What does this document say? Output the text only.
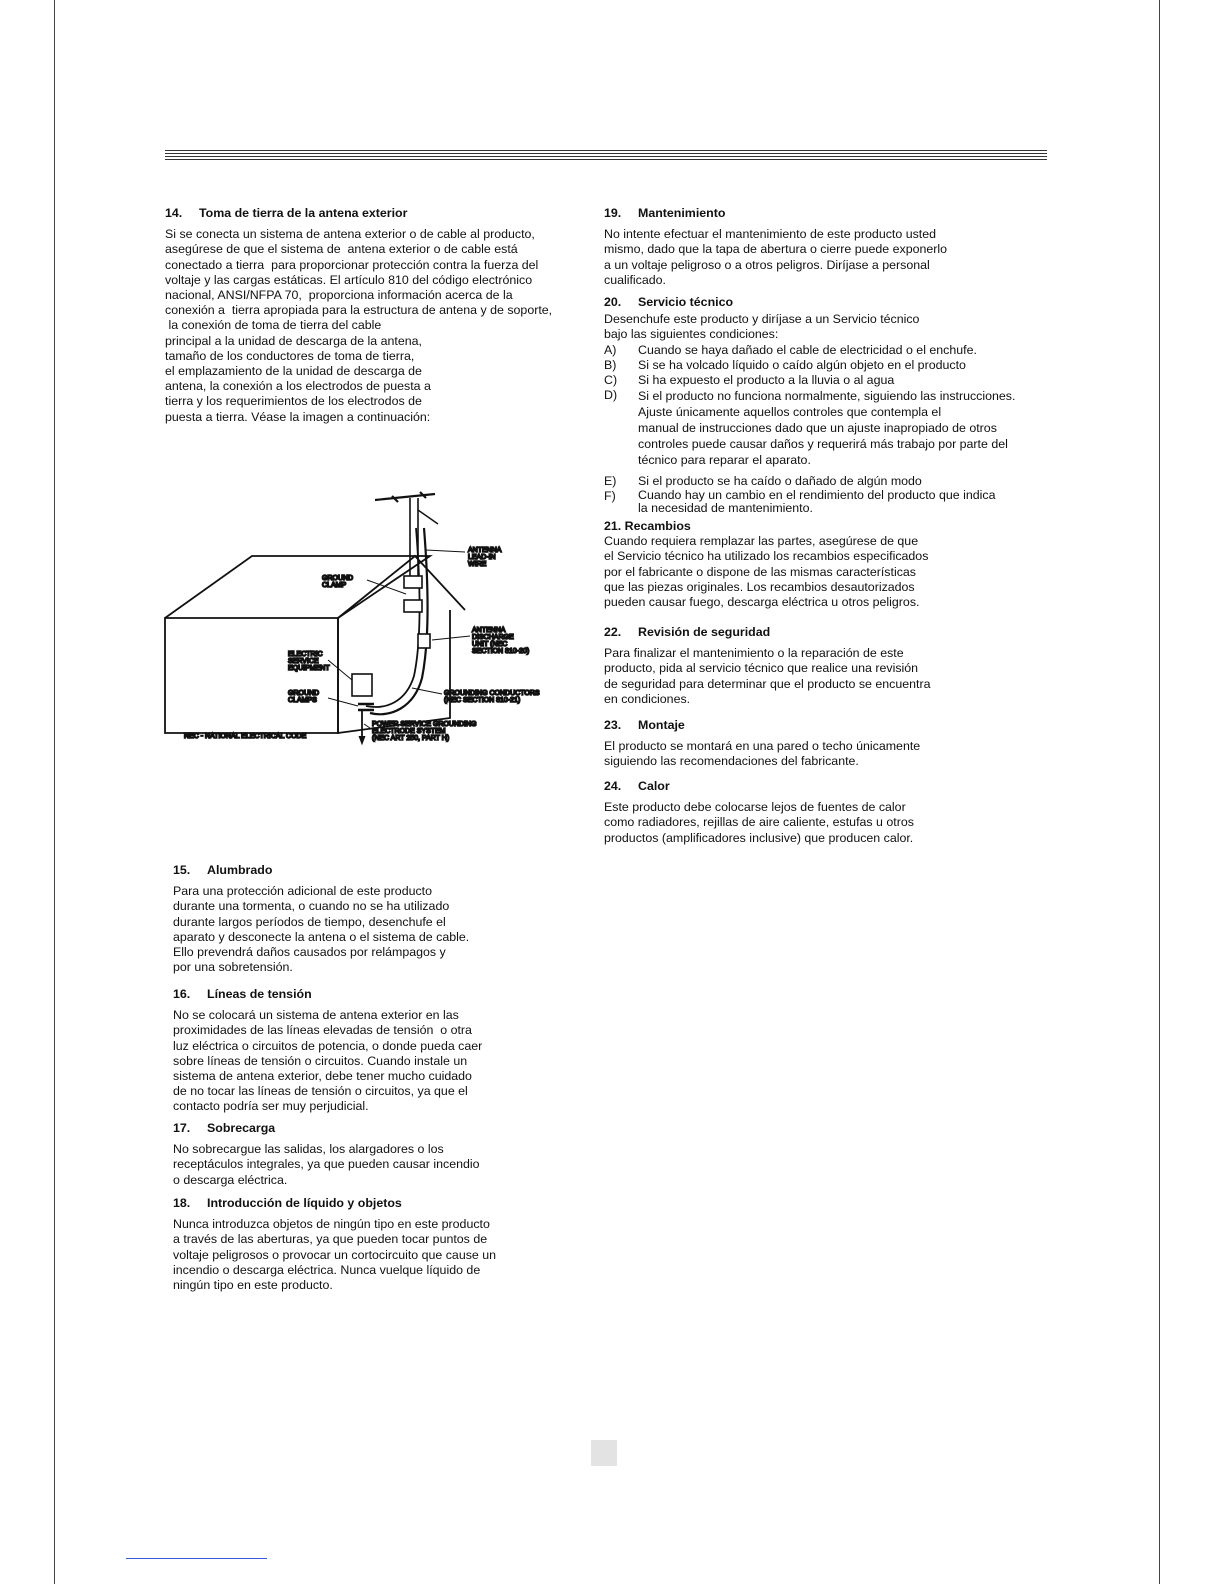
14. Toma de tierra de la antena exterior
Si se conecta un sistema de antena exterior o de cable al producto,
asegúrese de que el sistema de  antena exterior o de cable está
conectado a tierra  para proporcionar protección contra la fuerza del
voltaje y las cargas estáticas. El artículo 810 del código electrónico
nacional, ANSI/NFPA 70,  proporciona información acerca de la
conexión a  tierra apropiada para la estructura de antena y de soporte,
la conexión de toma de tierra del cable
principal a la unidad de descarga de la antena,
tamaño de los conductores de toma de tierra,
el emplazamiento de la unidad de descarga de
antena, la conexión a los electrodos de puesta a
tierra y los requerimientos de los electrodos de
puesta a tierra. Véase la imagen a continuación:
ANTENNA
LEAD-IN
WIRE
GROUND
CLAMP
ANTENNA
DISCHARGE
UNIT (NEC
SECTION 810-20)
ELECTRIC
SERVICE
EQUIPMENT
GROUND
CLAMPS
GROUNDING CONDUCTORS
(NEC SECTION 810-21)
POWER SERVICE GROUNDING
ELECTRODE SYSTEM
(NEC ART 250, PART H)
NEC - NATIONAL ELECTRICAL CODE
15. Alumbrado
Para una protección adicional de este producto
durante una tormenta, o cuando no se ha utilizado
durante largos períodos de tiempo, desenchufe el
aparato y desconecte la antena o el sistema de cable.
Ello prevendrá daños causados por relámpagos y
por una sobretensión.
16. Líneas de tensión
No se colocará un sistema de antena exterior en las
proximidades de las líneas elevadas de tensión  o otra
luz eléctrica o circuitos de potencia, o donde pueda caer
sobre líneas de tensión o circuitos. Cuando instale un
sistema de antena exterior, debe tener mucho cuidado
de no tocar las líneas de tensión o circuitos, ya que el
contacto podría ser muy perjudicial.
17. Sobrecarga
No sobrecargue las salidas, los alargadores o los
receptáculos integrales, ya que pueden causar incendio
o descarga eléctrica.
18. Introducción de líquido y objetos
Nunca introduzca objetos de ningún tipo en este producto
a través de las aberturas, ya que pueden tocar puntos de
voltaje peligrosos o provocar un cortocircuito que cause un
incendio o descarga eléctrica. Nunca vuelque líquido de
ningún tipo en este producto.
19. Mantenimiento
No intente efectuar el mantenimiento de este producto usted
mismo, dado que la tapa de abertura o cierre puede exponerlo
a un voltaje peligroso o a otros peligros. Diríjase a personal
cualificado.
20. Servicio técnico
Desenchufe este producto y diríjase a un Servicio técnico
bajo las siguientes condiciones:
A)	Cuando se haya dañado el cable de electricidad o el enchufe.
B)	Si se ha volcado líquido o caído algún objeto en el producto
C)	Si ha expuesto el producto a la lluvia o al agua
D)	Si el producto no funciona normalmente, siguiendo las instrucciones.
Ajuste únicamente aquellos controles que contempla el
manual de instrucciones dado que un ajuste inapropiado de otros
controles puede causar daños y requerirá más trabajo por parte del
técnico para reparar el aparato.
E)	Si el producto se ha caído o dañado de algún modo
F)	Cuando hay un cambio en el rendimiento del producto que indica
la necesidad de mantenimiento.
21. Recambios
Cuando requiera remplazar las partes, asegúrese de que
el Servicio técnico ha utilizado los recambios especificados
por el fabricante o dispone de las mismas características
que las piezas originales. Los recambios desautorizados
pueden causar fuego, descarga eléctrica u otros peligros.
22. Revisión de seguridad
Para finalizar el mantenimiento o la reparación de este
producto, pida al servicio técnico que realice una revisión
de seguridad para determinar que el producto se encuentra
en condiciones.
23. Montaje
El producto se montará en una pared o techo únicamente
siguiendo las recomendaciones del fabricante.
24. Calor
Este producto debe colocarse lejos de fuentes de calor
como radiadores, rejillas de aire caliente, estufas u otros
productos (amplificadores inclusive) que producen calor.
